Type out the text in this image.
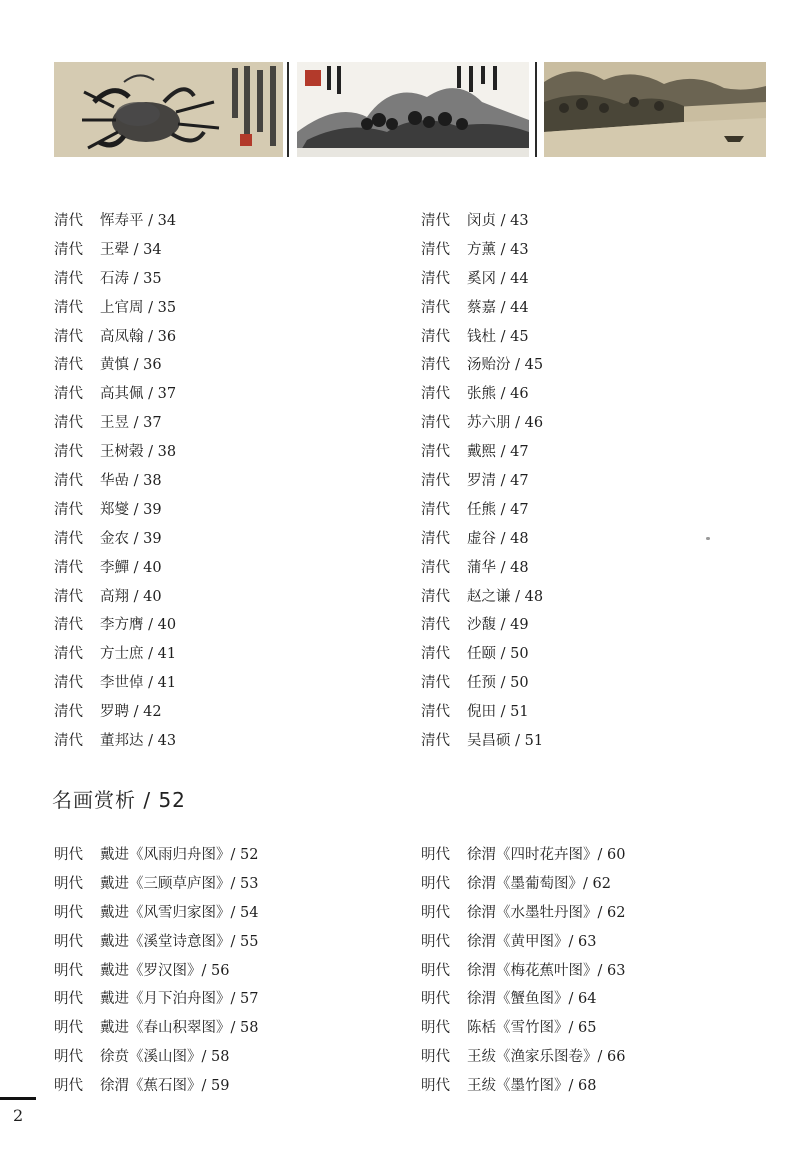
清代 恽寿平 / 34
清代 王翚 / 34
清代 石涛 / 35
清代 上官周 / 35
清代 高凤翰 / 36
清代 黄慎 / 36
清代 高其佩 / 37
清代 王昱 / 37
清代 王树榖 / 38
清代 华嵒 / 38
清代 郑燮 / 39
清代 金农 / 39
清代 李鱓 / 40
清代 高翔 / 40
清代 李方膺 / 40
清代 方士庶 / 41
清代 李世倬 / 41
清代 罗聘 / 42
清代 董邦达 / 43
清代 闵贞 / 43
清代 方薰 / 43
清代 奚冈 / 44
清代 蔡嘉 / 44
清代 钱杜 / 45
清代 汤贻汾 / 45
清代 张熊 / 46
清代 苏六朋 / 46
清代 戴熙 / 47
清代 罗清 / 47
清代 任熊 / 47
清代 虚谷 / 48
清代 蒲华 / 48
清代 赵之谦 / 48
清代 沙馥 / 49
清代 任颐 / 50
清代 任预 / 50
清代 倪田 / 51
清代 吴昌硕 / 51
名画赏析 / 52
明代 戴进《风雨归舟图》/ 52
明代 戴进《三顾草庐图》/ 53
明代 戴进《风雪归家图》/ 54
明代 戴进《溪堂诗意图》/ 55
明代 戴进《罗汉图》/ 56
明代 戴进《月下泊舟图》/ 57
明代 戴进《春山积翠图》/ 58
明代 徐贲《溪山图》/ 58
明代 徐渭《蕉石图》/ 59
明代 徐渭《四时花卉图》/ 60
明代 徐渭《墨葡萄图》/ 62
明代 徐渭《水墨牡丹图》/ 62
明代 徐渭《黄甲图》/ 63
明代 徐渭《梅花蕉叶图》/ 63
明代 徐渭《蟹鱼图》/ 64
明代 陈栝《雪竹图》/ 65
明代 王绂《渔家乐图卷》/ 66
明代 王绂《墨竹图》/ 68
2
